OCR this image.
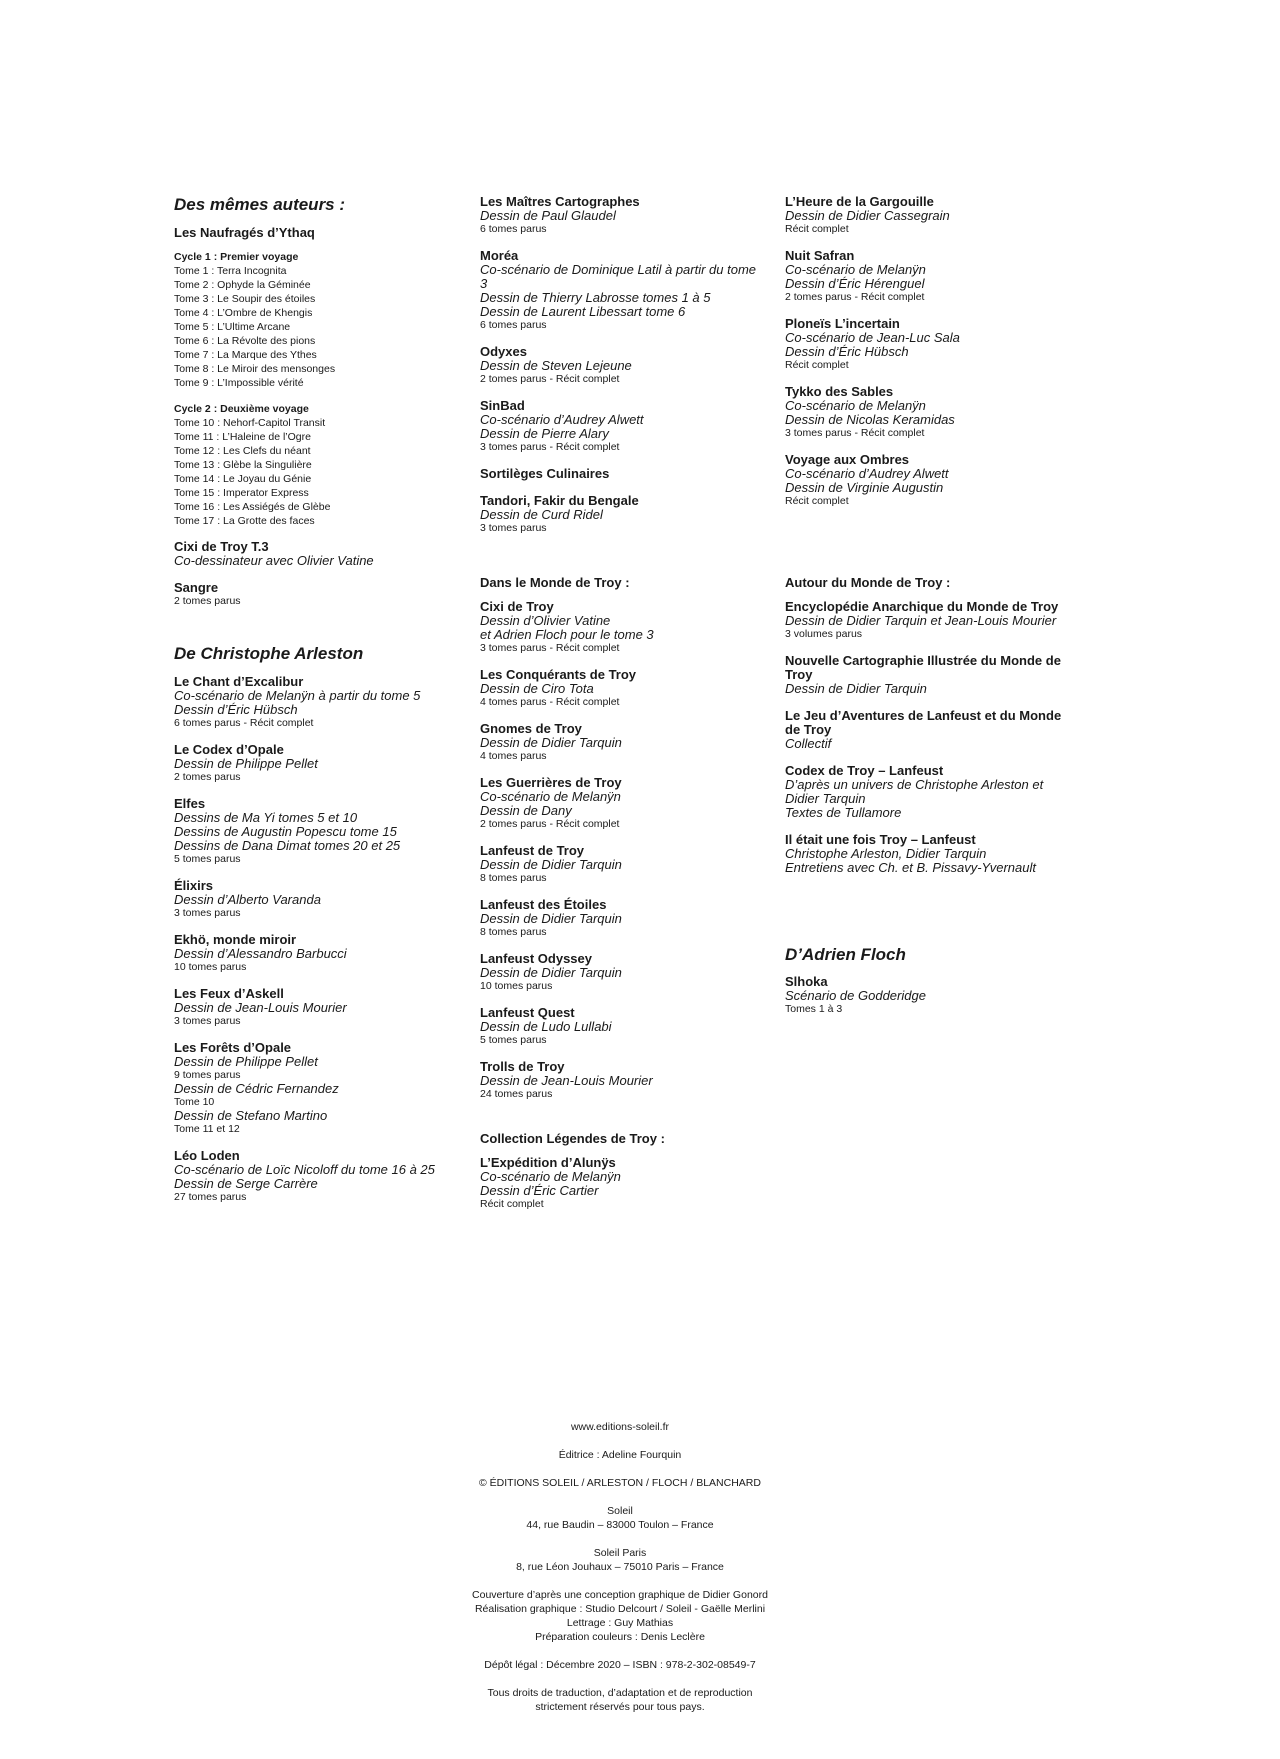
Des mêmes auteurs :
Les Naufragés d’Ythaq
Cycle 1 : Premier voyage
Tome 1 : Terra Incognita
Tome 2 : Ophyde la Géminée
Tome 3 : Le Soupir des étoiles
Tome 4 : L’Ombre de Khengis
Tome 5 : L’Ultime Arcane
Tome 6 : La Révolte des pions
Tome 7 : La Marque des Ythes
Tome 8 : Le Miroir des mensonges
Tome 9 : L’Impossible vérité
Cycle 2 : Deuxième voyage
Tome 10 : Nehorf-Capitol Transit
Tome 11 : L’Haleine de l’Ogre
Tome 12 : Les Clefs du néant
Tome 13 : Glèbe la Singulière
Tome 14 : Le Joyau du Génie
Tome 15 : Imperator Express
Tome 16 : Les Assiégés de Glèbe
Tome 17 : La Grotte des faces
Cixi de Troy T.3
Co-dessinateur avec Olivier Vatine
Sangre
2 tomes parus
De Christophe Arleston
Le Chant d’Excalibur
Co-scénario de Melanÿn à partir du tome 5
Dessin d’Éric Hübsch
6 tomes parus - Récit complet
Le Codex d’Opale
Dessin de Philippe Pellet
2 tomes parus
Elfes
Dessins de Ma Yi tomes 5 et 10
Dessins de Augustin Popescu tome 15
Dessins de Dana Dimat tomes 20 et 25
5 tomes parus
Élixirs
Dessin d’Alberto Varanda
3 tomes parus
Ekhö, monde miroir
Dessin d’Alessandro Barbucci
10 tomes parus
Les Feux d’Askell
Dessin de Jean-Louis Mourier
3 tomes parus
Les Forêts d’Opale
Dessin de Philippe Pellet
9 tomes parus
Dessin de Cédric Fernandez
Tome 10
Dessin de Stefano Martino
Tome 11 et 12
Léo Loden
Co-scénario de Loïc Nicoloff du tome 16 à 25
Dessin de Serge Carrère
27 tomes parus
Les Maîtres Cartographes
Dessin de Paul Glaudel
6 tomes parus
Moréa
Co-scénario de Dominique Latil à partir du tome 3
Dessin de Thierry Labrosse tomes 1 à 5
Dessin de Laurent Libessart tome 6
6 tomes parus
Odyxes
Dessin de Steven Lejeune
2 tomes parus - Récit complet
SinBad
Co-scénario d’Audrey Alwett
Dessin de Pierre Alary
3 tomes parus - Récit complet
Sortilèges Culinaires
Tandori, Fakir du Bengale
Dessin de Curd Ridel
3 tomes parus
Dans le Monde de Troy :
Cixi de Troy
Dessin d’Olivier Vatine
et Adrien Floch pour le tome 3
3 tomes parus - Récit complet
Les Conquérants de Troy
Dessin de Ciro Tota
4 tomes parus - Récit complet
Gnomes de Troy
Dessin de Didier Tarquin
4 tomes parus
Les Guerrières de Troy
Co-scénario de Melanÿn
Dessin de Dany
2 tomes parus - Récit complet
Lanfeust de Troy
Dessin de Didier Tarquin
8 tomes parus
Lanfeust des Étoiles
Dessin de Didier Tarquin
8 tomes parus
Lanfeust Odyssey
Dessin de Didier Tarquin
10 tomes parus
Lanfeust Quest
Dessin de Ludo Lullabi
5 tomes parus
Trolls de Troy
Dessin de Jean-Louis Mourier
24 tomes parus
Collection Légendes de Troy :
L’Expédition d’Alunÿs
Co-scénario de Melanÿn
Dessin d’Éric Cartier
Récit complet
L’Heure de la Gargouille
Dessin de Didier Cassegrain
Récit complet
Nuit Safran
Co-scénario de Melanÿn
Dessin d’Éric Hérenguel
2 tomes parus - Récit complet
Ploneïs L’incertain
Co-scénario de Jean-Luc Sala
Dessin d’Éric Hübsch
Récit complet
Tykko des Sables
Co-scénario de Melanÿn
Dessin de Nicolas Keramidas
3 tomes parus - Récit complet
Voyage aux Ombres
Co-scénario d’Audrey Alwett
Dessin de Virginie Augustin
Récit complet
Autour du Monde de Troy :
Encyclopédie Anarchique du Monde de Troy
Dessin de Didier Tarquin et Jean-Louis Mourier
3 volumes parus
Nouvelle Cartographie Illustrée du Monde de Troy
Dessin de Didier Tarquin
Le Jeu d’Aventures de Lanfeust et du Monde de Troy
Collectif
Codex de Troy – Lanfeust
D’après un univers de Christophe Arleston et Didier Tarquin
Textes de Tullamore
Il était une fois Troy – Lanfeust
Christophe Arleston, Didier Tarquin
Entretiens avec Ch. et B. Pissavy-Yvernault
D’Adrien Floch
Slhoka
Scénario de Godderidge
Tomes 1 à 3

www.editions-soleil.fr

Éditrice : Adeline Fourquin

© ÉDITIONS SOLEIL / ARLESTON / FLOCH / BLANCHARD

Soleil
44, rue Baudin – 83000 Toulon – France

Soleil Paris
8, rue Léon Jouhaux – 75010 Paris – France

Couverture d’après une conception graphique de Didier Gonord
Réalisation graphique : Studio Delcourt / Soleil - Gaëlle Merlini
Lettrage : Guy Mathias
Préparation couleurs : Denis Leclère

Dépôt légal : Décembre 2020 – ISBN : 978-2-302-08549-7

Tous droits de traduction, d’adaptation et de reproduction
strictement réservés pour tous pays.
